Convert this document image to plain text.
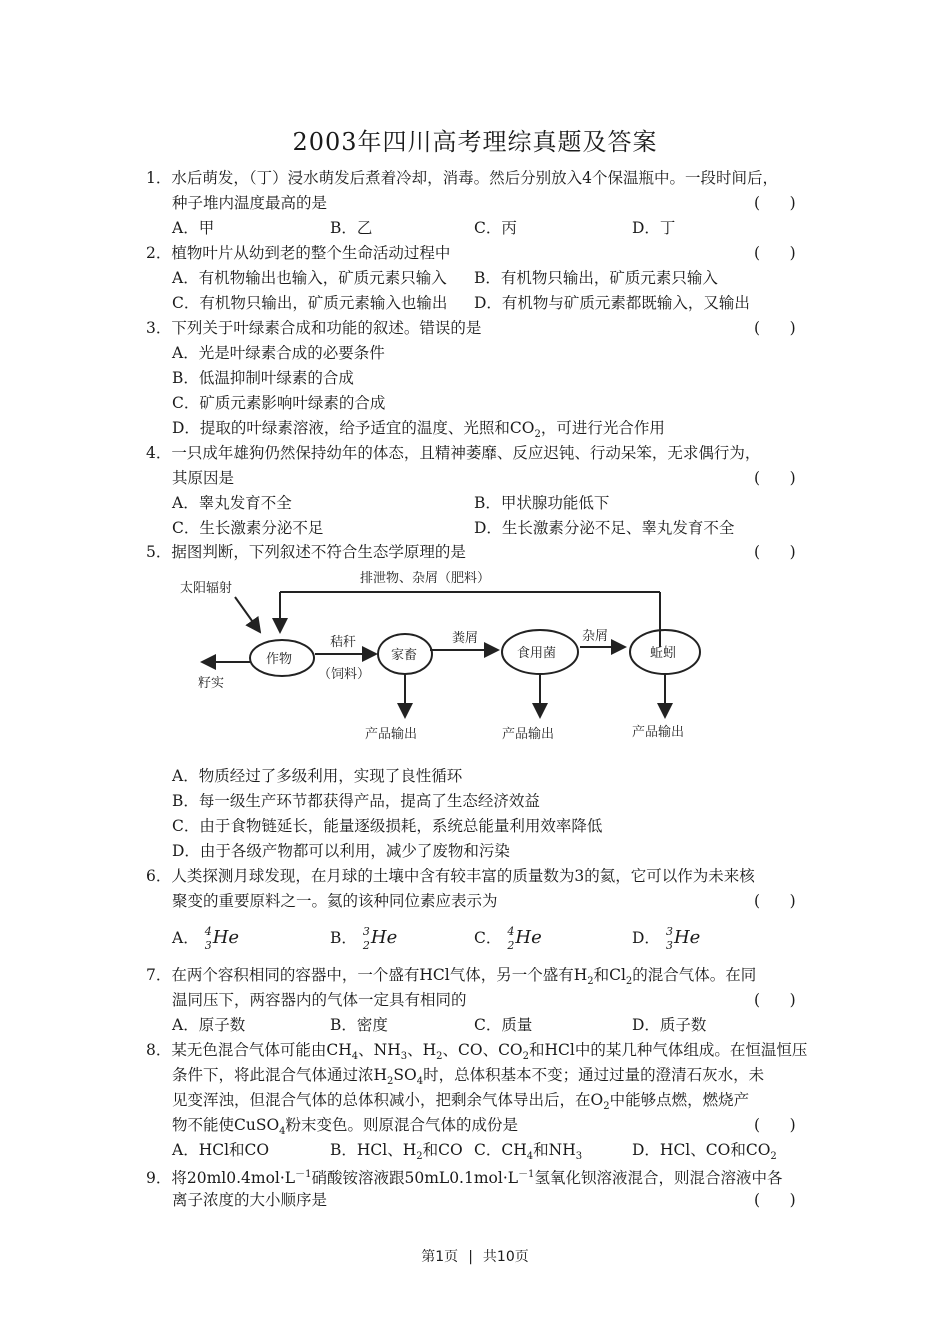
2003年四川高考理综真题及答案
1．水后萌发，（丁）浸水萌发后煮着冷却，消毒。然后分别放入4个保温瓶中。一段时间后，
种子堆内温度最高的是	(      )
A．甲	B．乙	C．丙	D．丁
2．植物叶片从幼到老的整个生命活动过程中	(      )
A．有机物输出也输入，矿质元素只输入 B．有机物只输出，矿质元素只输入
C．有机物只输出，矿质元素输入也输出 D．有机物与矿质元素都既输入，又输出
3．下列关于叶绿素合成和功能的叙述。错误的是	(      )
A．光是叶绿素合成的必要条件
B．低温抑制叶绿素的合成
C．矿质元素影响叶绿素的合成
D．提取的叶绿素溶液，给予适宜的温度、光照和$CO_2$，可进行光合作用
4．一只成年雄狗仍然保持幼年的体态，且精神萎靡、反应迟钝、行动呆笨，无求偶行为，
其原因是	(      )
A．睾丸发育不全	B．甲状腺功能低下
C．生长激素分泌不足	D．生长激素分泌不足、睾丸发育不全
5．据图判断，下列叙述不符合生态学原理的是	(      )
排泄物、杂屑（肥料）
太阳辐射
作物
籽实
秸秆
（饲料）
家畜
粪屑
食用菌
杂屑
蚯蚓
产品输出	产品输出	产品输出
A．物质经过了多级利用，实现了良性循环
B．每一级生产环节都获得产品，提高了生态经济效益
C．由于食物链延长，能量逐级损耗，系统总能量利用效率降低
D．由于各级产物都可以利用，减少了废物和污染
6．人类探测月球发现，在月球的土壤中含有较丰富的质量数为3的氦，它可以作为未来核
聚变的重要原料之一。氦的该种同位素应表示为	(      )
A． 4
3 He	B． 3
2 He	C． 4
2 He	D． 3
3 He
7．在两个容积相同的容器中，一个盛有HCl气体，另一个盛有$H_2$和$Cl_2$的混合气体。在同
温同压下，两容器内的气体一定具有相同的	(      )
A．原子数	B．密度	C．质量	D．质子数
8．某无色混合气体可能由$CH_4$、$NH_3$、$H_2$、CO、$CO_2$和HCl中的某几种气体组成。在恒温恒压
条件下，将此混合气体通过浓$H_2SO_4$时，总体积基本不变；通过过量的澄清石灰水，未
见变浑浊，但混合气体的总体积减小，把剩余气体导出后，在$O_2$中能够点燃，燃烧产
物不能使CuSO$_4$粉末变色。则原混合气体的成份是	(      )
A．HCl和CO	B．HCl、$H_2$和CO C．$CH_4$和$NH_3$	D．HCl、CO和$CO_2$
9．将$20ml0.4mol\cdot L^{-1}$硝酸铵溶液跟$50mL0.1mol\cdot L^{-1}$氢氧化钡溶液混合，则混合溶液中各
离子浓度的大小顺序是	(      )
第1页 | 共10页
